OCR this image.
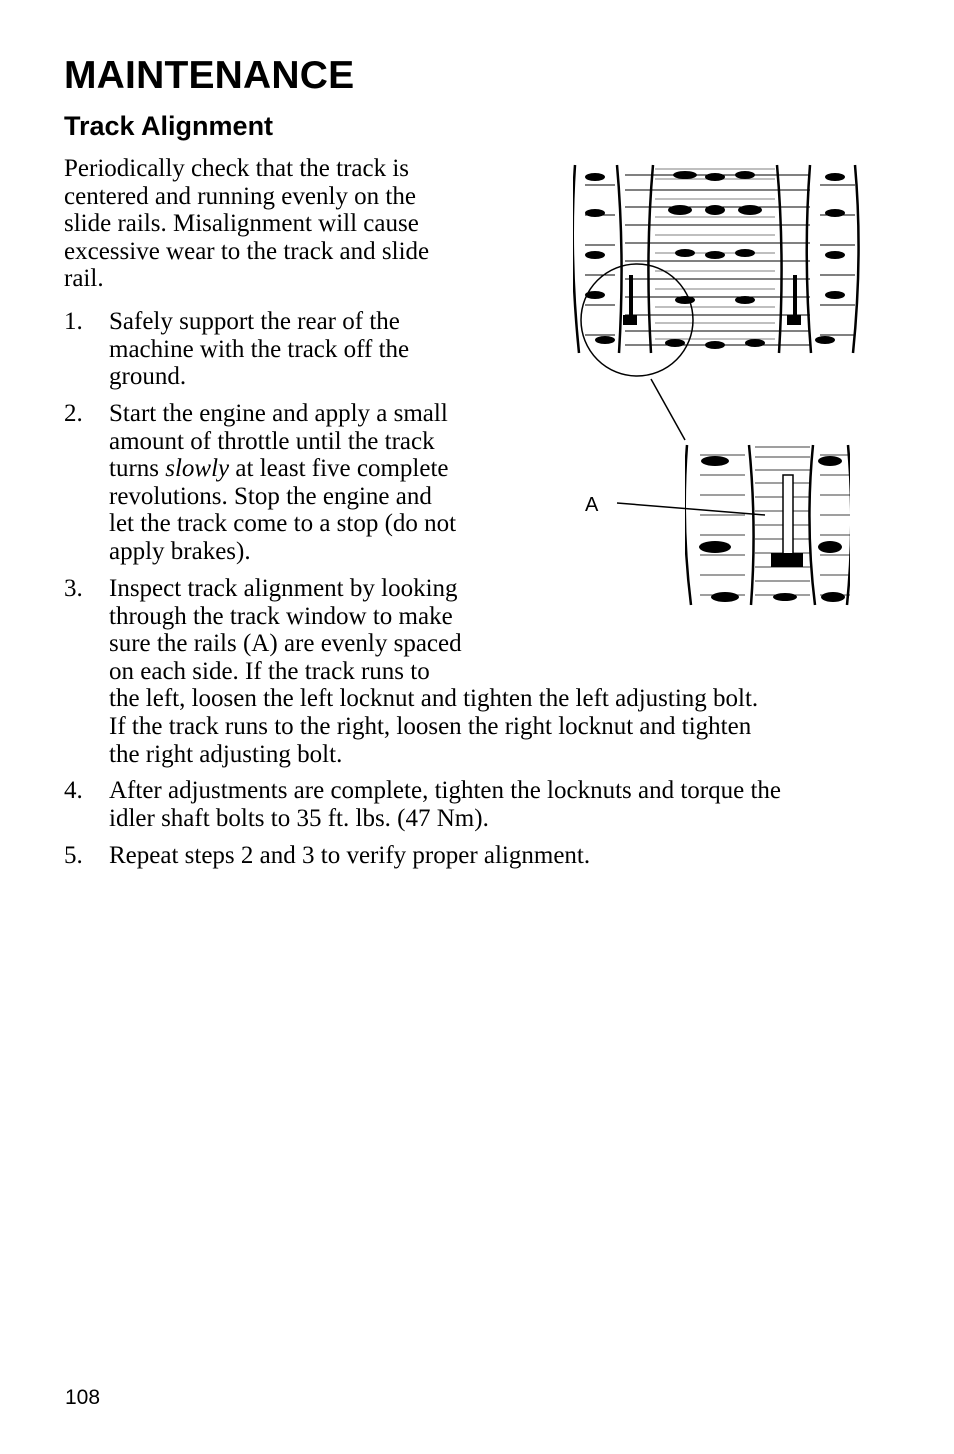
MAINTENANCE
Track Alignment

Periodically check that the track is
centered and running evenly on the
slide rails. Misalignment will cause
excessive wear to the track and slide
rail.

1.	Safely support the rear of the
machine with the track off the
ground.
2.	Start the engine and apply a small
amount of throttle until the track
turns slowly at least five complete
revolutions. Stop the engine and
let the track come to a stop (do not
apply brakes).
3.	Inspect track alignment by looking
through the track window to make
sure the rails (A) are evenly spaced
on each side. If the track runs to
the left, loosen the left locknut and tighten the left adjusting bolt.
If the track runs to the right, loosen the right locknut and tighten
the right adjusting bolt.
4.	After adjustments are complete, tighten the locknuts and torque the
idler shaft bolts to 35 ft. lbs. (47 Nm).
5.	Repeat steps 2 and 3 to verify proper alignment.
A

108
